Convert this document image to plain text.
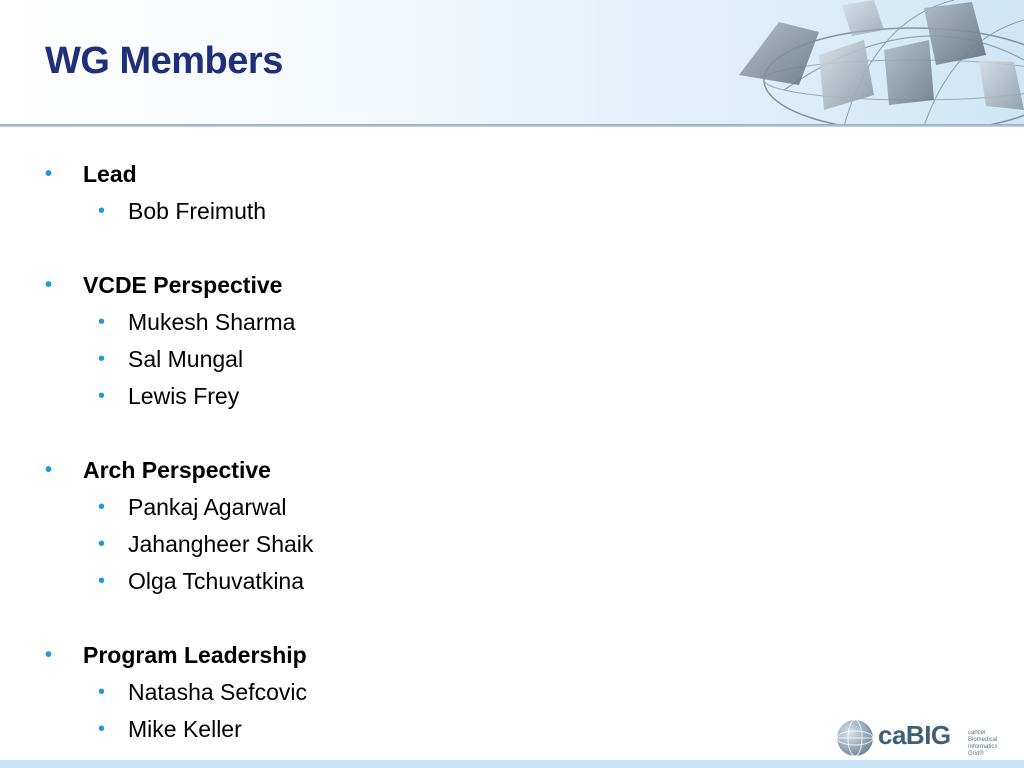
WG Members
• Lead
• Bob Freimuth
• VCDE Perspective
• Mukesh Sharma
• Sal Mungal
• Lewis Frey
• Arch Perspective
• Pankaj Agarwal
• Jahangheer Shaik
• Olga Tchuvatkina
• Program Leadership
• Natasha Sefcovic
• Mike Keller	caBIG	cancer Biomedical Informatics Grid®
